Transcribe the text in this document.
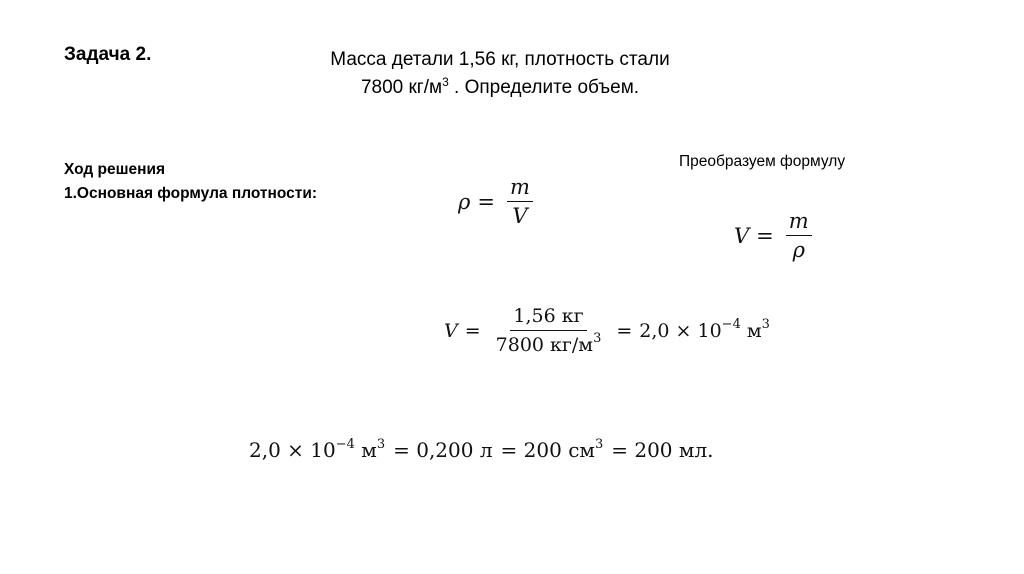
Задача 2.	Масса детали 1,56 кг, плотность стали
7800 $кг/м^3$ . Определите объем.
Ход решения
1.Основная формула плотности:
Преобразуем формулу
$\rho = \frac{m}{V}$
$V = \frac{m}{\rho}$
$V = \frac{1,56 кг}{7800 кг/м^3} = 2,0 \times 10^{-4}$ $м^3$
$2,0 \times 10^{-4}$ $м^3 = 0,200$ л = 200 $см^3 = 200$ мл.
